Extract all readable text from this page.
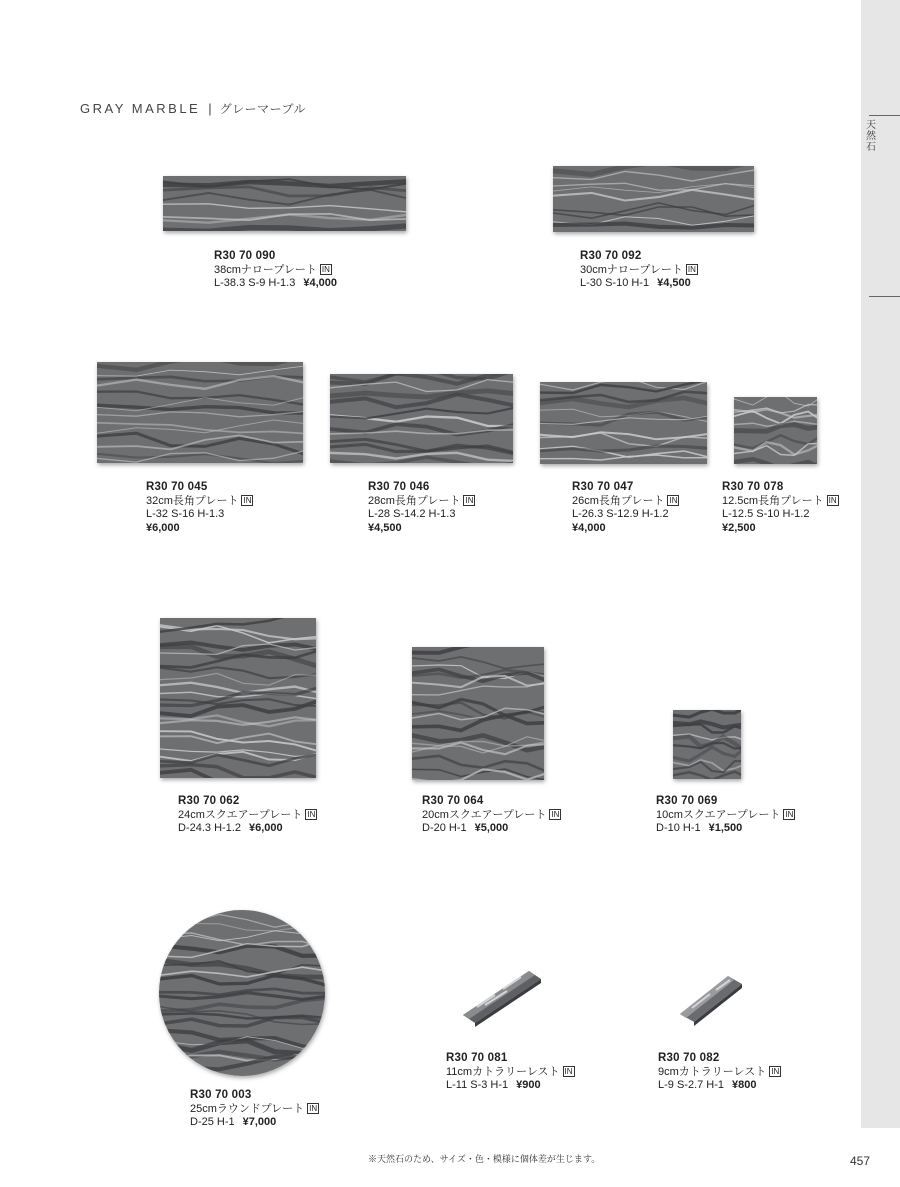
天然石
GRAY MARBLE | グレーマーブル
R30 70 090
38cmナロープレート IN
L-38.3 S-9 H-1.3 ¥4,000
R30 70 092
30cmナロープレート IN
L-30 S-10 H-1 ¥4,500
R30 70 045
32cm長角プレート IN
L-32 S-16 H-1.3
¥6,000
R30 70 046
28cm長角プレート IN
L-28 S-14.2 H-1.3
¥4,500
R30 70 047
26cm長角プレート IN
L-26.3 S-12.9 H-1.2
¥4,000
R30 70 078
12.5cm長角プレート IN
L-12.5 S-10 H-1.2
¥2,500
R30 70 062
24cmスクエアープレート IN
D-24.3 H-1.2 ¥6,000
R30 70 064
20cmスクエアープレート IN
D-20 H-1 ¥5,000
R30 70 069
10cmスクエアープレート IN
D-10 H-1 ¥1,500
R30 70 003
25cmラウンドプレート IN
D-25 H-1 ¥7,000
R30 70 081
11cmカトラリーレスト IN
L-11 S-3 H-1 ¥900
R30 70 082
9cmカトラリーレスト IN
L-9 S-2.7 H-1 ¥800
※天然石のため、サイズ・色・模様に個体差が生じます。	457
